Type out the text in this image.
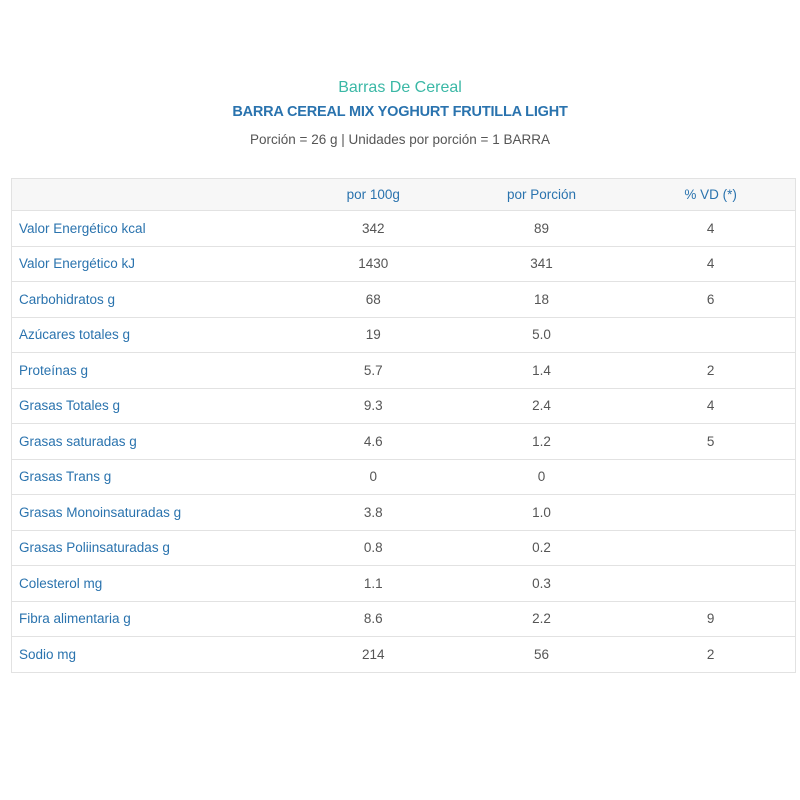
Barras De Cereal
BARRA CEREAL MIX YOGHURT FRUTILLA LIGHT
Porción = 26 g | Unidades por porción = 1 BARRA
	por 100g	por Porción	% VD (*)
Valor Energético kcal	342	89	4
Valor Energético kJ	1430	341	4
Carbohidratos g	68	18	6
Azúcares totales g	19	5.0	
Proteínas g	5.7	1.4	2
Grasas Totales g	9.3	2.4	4
Grasas saturadas g	4.6	1.2	5
Grasas Trans g	0	0	
Grasas Monoinsaturadas g	3.8	1.0	
Grasas Poliinsaturadas g	0.8	0.2	
Colesterol mg	1.1	0.3	
Fibra alimentaria g	8.6	2.2	9
Sodio mg	214	56	2
